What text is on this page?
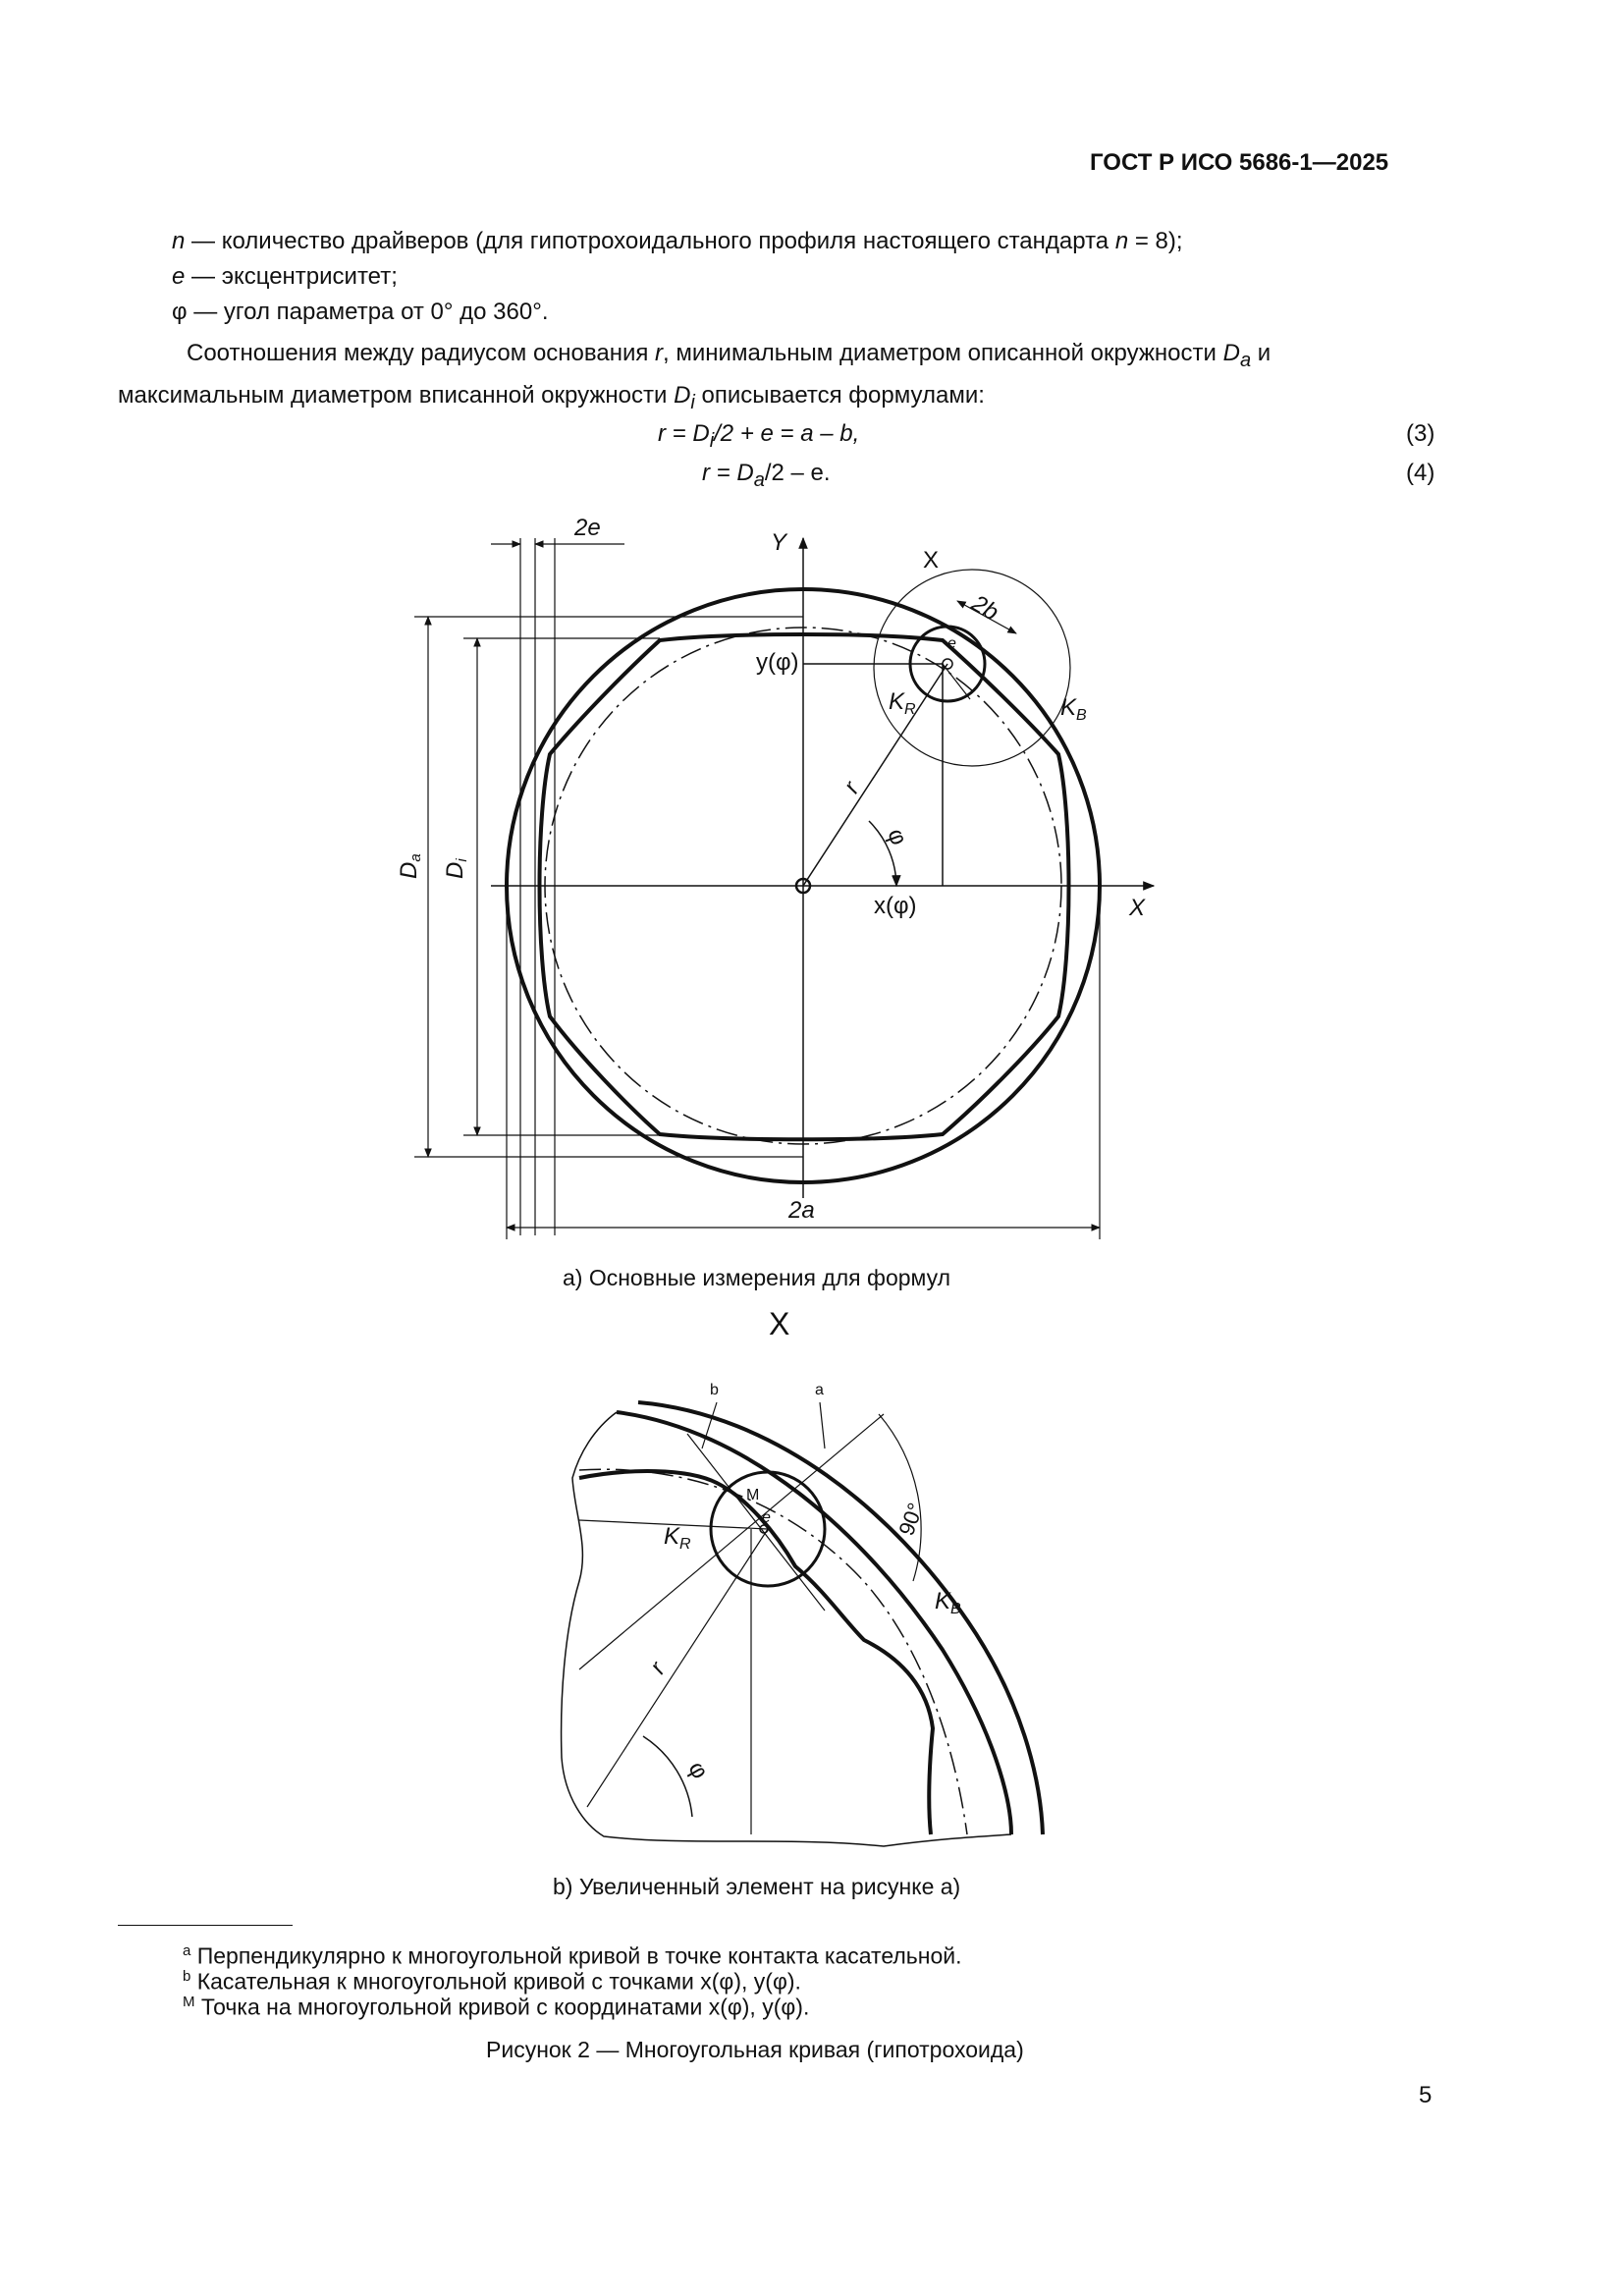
ГОСТ Р ИСО 5686-1—2025
n — количество драйверов (для гипотрохоидального профиля настоящего стандарта n = 8);
e — эксцентриситет;
φ — угол параметра от 0° до 360°.

Соотношения между радиусом основания r, минимальным диаметром описанной окружности $D_a$ и

максимальным диаметром вписанной окружности $D_i$ описывается формулами:

$r = D_i/2 + e = a - b$,	(3)
$r = D_a/2 - e$.	(4)
2e
Y
X
2b
e
y(φ)
$K_R$	$K_B$
r
φ
x(φ)	X
Da
Di
2a
a) Основные измерения для формул
X
b	a
M
e
$K_R$
90°
$K_B$
r
φ
b) Увеличенный элемент на рисунке a)
$^a$ Перпендикулярно к многоугольной кривой в точке контакта касательной.
$^b$ Касательная к многоугольной кривой с точками x(φ), y(φ).
$^M$ Точка на многоугольной кривой с координатами x(φ), y(φ).
Рисунок 2 — Многоугольная кривая (гипотрохоида)
5
